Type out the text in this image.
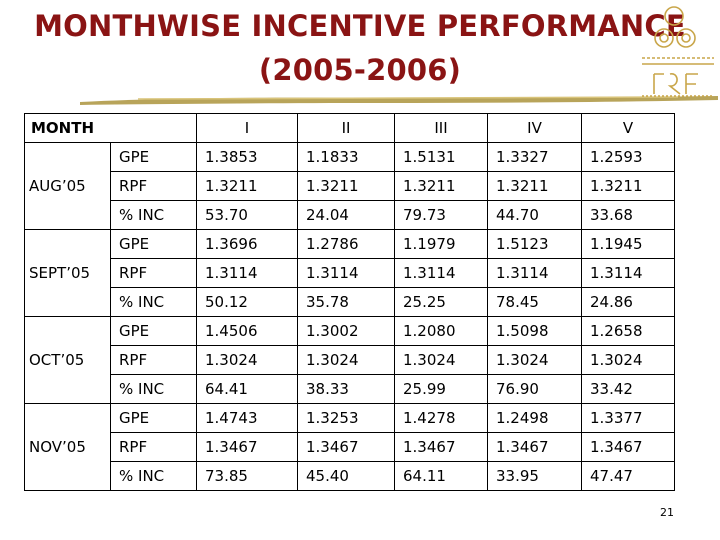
MONTHWISE INCENTIVE PERFORMANCE
(2005-2006)
MONTH		I	II	III	IV	V
AUG’05	GPE	1.3853	1.1833	1.5131	1.3327	1.2593
	RPF	1.3211	1.3211	1.3211	1.3211	1.3211
	% INC	53.70	24.04	79.73	44.70	33.68
SEPT’05	GPE	1.3696	1.2786	1.1979	1.5123	1.1945
	RPF	1.3114	1.3114	1.3114	1.3114	1.3114
	% INC	50.12	35.78	25.25	78.45	24.86
OCT’05	GPE	1.4506	1.3002	1.2080	1.5098	1.2658
	RPF	1.3024	1.3024	1.3024	1.3024	1.3024
	% INC	64.41	38.33	25.99	76.90	33.42
NOV’05	GPE	1.4743	1.3253	1.4278	1.2498	1.3377
	RPF	1.3467	1.3467	1.3467	1.3467	1.3467
	% INC	73.85	45.40	64.11	33.95	47.47
21
